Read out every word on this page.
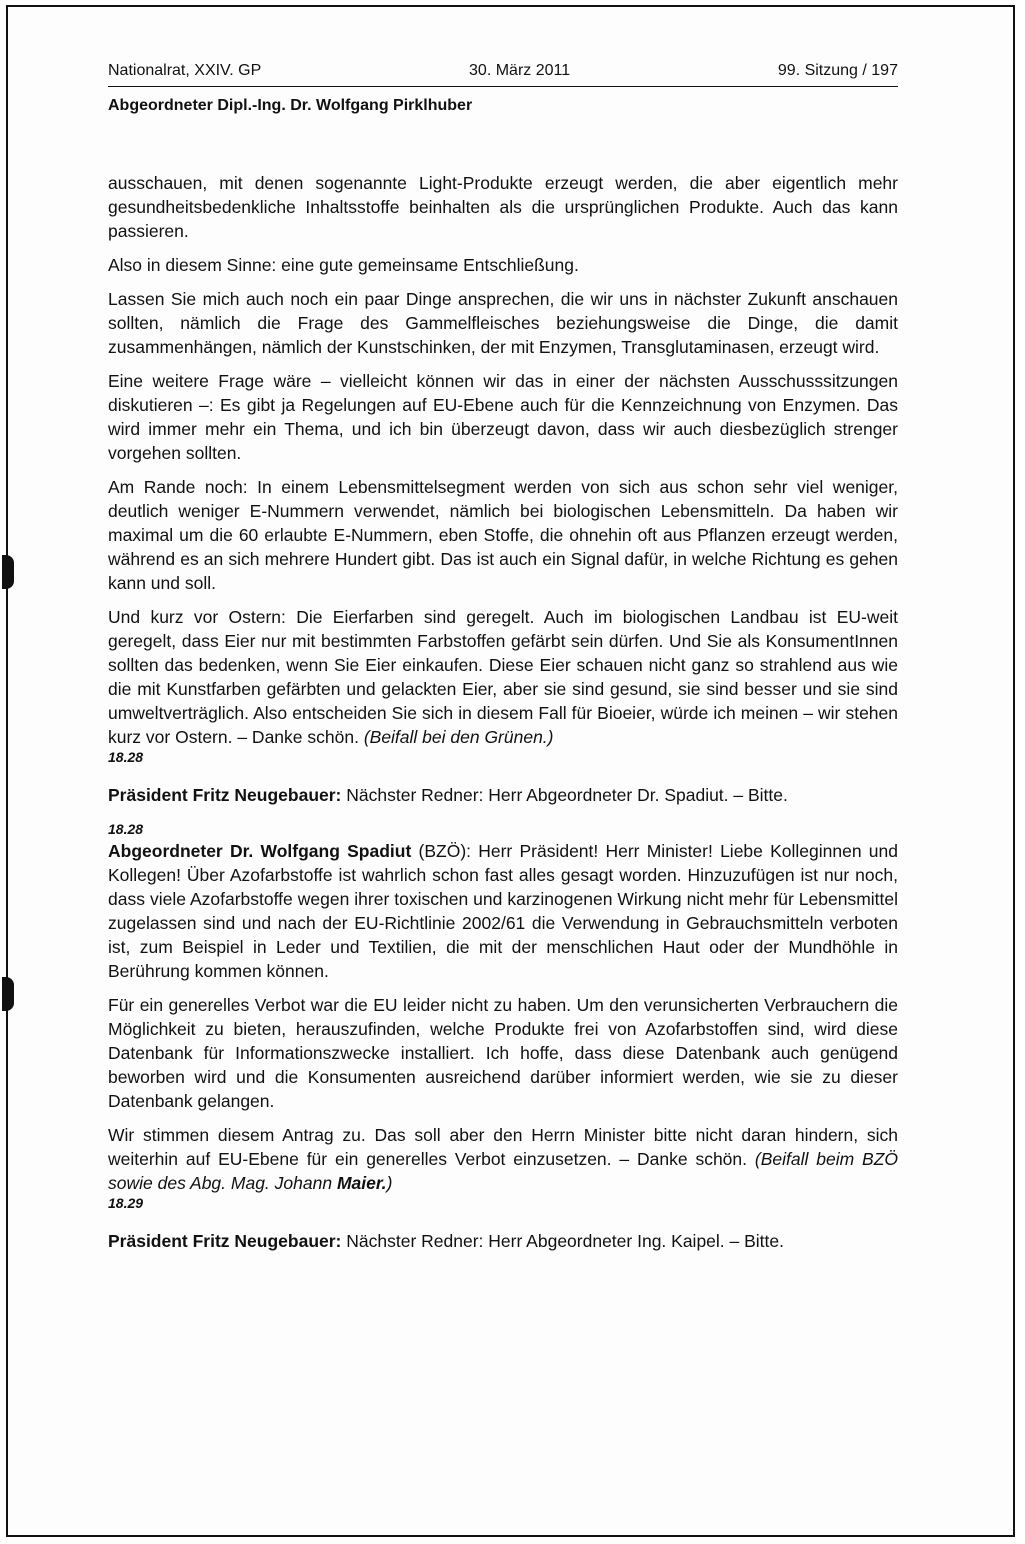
Nationalrat, XXIV. GP	30. März 2011	99. Sitzung / 197
Abgeordneter Dipl.-Ing. Dr. Wolfgang Pirklhuber

ausschauen, mit denen sogenannte Light-Produkte erzeugt werden, die aber eigentlich mehr gesundheitsbedenkliche Inhaltsstoffe beinhalten als die ursprünglichen Produkte. Auch das kann passieren.

Also in diesem Sinne: eine gute gemeinsame Entschließung.

Lassen Sie mich auch noch ein paar Dinge ansprechen, die wir uns in nächster Zukunft anschauen sollten, nämlich die Frage des Gammelfleisches beziehungsweise die Dinge, die damit zusammenhängen, nämlich der Kunstschinken, der mit Enzymen, Transglutaminasen, erzeugt wird.

Eine weitere Frage wäre – vielleicht können wir das in einer der nächsten Ausschusssitzungen diskutieren –: Es gibt ja Regelungen auf EU-Ebene auch für die Kennzeichnung von Enzymen. Das wird immer mehr ein Thema, und ich bin überzeugt davon, dass wir auch diesbezüglich strenger vorgehen sollten.

Am Rande noch: In einem Lebensmittelsegment werden von sich aus schon sehr viel weniger, deutlich weniger E-Nummern verwendet, nämlich bei biologischen Lebensmitteln. Da haben wir maximal um die 60 erlaubte E-Nummern, eben Stoffe, die ohnehin oft aus Pflanzen erzeugt werden, während es an sich mehrere Hundert gibt. Das ist auch ein Signal dafür, in welche Richtung es gehen kann und soll.

Und kurz vor Ostern: Die Eierfarben sind geregelt. Auch im biologischen Landbau ist EU-weit geregelt, dass Eier nur mit bestimmten Farbstoffen gefärbt sein dürfen. Und Sie als KonsumentInnen sollten das bedenken, wenn Sie Eier einkaufen. Diese Eier schauen nicht ganz so strahlend aus wie die mit Kunstfarben gefärbten und gelackten Eier, aber sie sind gesund, sie sind besser und sie sind umweltverträglich. Also entscheiden Sie sich in diesem Fall für Bioeier, würde ich meinen – wir stehen kurz vor Ostern. – Danke schön. (Beifall bei den Grünen.)

18.28

Präsident Fritz Neugebauer: Nächster Redner: Herr Abgeordneter Dr. Spadiut. – Bitte.

18.28

Abgeordneter Dr. Wolfgang Spadiut (BZÖ): Herr Präsident! Herr Minister! Liebe Kolleginnen und Kollegen! Über Azofarbstoffe ist wahrlich schon fast alles gesagt worden. Hinzuzufügen ist nur noch, dass viele Azofarbstoffe wegen ihrer toxischen und karzinogenen Wirkung nicht mehr für Lebensmittel zugelassen sind und nach der EU-Richtlinie 2002/61 die Verwendung in Gebrauchsmitteln verboten ist, zum Beispiel in Leder und Textilien, die mit der menschlichen Haut oder der Mundhöhle in Berührung kommen können.

Für ein generelles Verbot war die EU leider nicht zu haben. Um den verunsicherten Verbrauchern die Möglichkeit zu bieten, herauszufinden, welche Produkte frei von Azofarbstoffen sind, wird diese Datenbank für Informationszwecke installiert. Ich hoffe, dass diese Datenbank auch genügend beworben wird und die Konsumenten ausreichend darüber informiert werden, wie sie zu dieser Datenbank gelangen.

Wir stimmen diesem Antrag zu. Das soll aber den Herrn Minister bitte nicht daran hindern, sich weiterhin auf EU-Ebene für ein generelles Verbot einzusetzen. – Danke schön. (Beifall beim BZÖ sowie des Abg. Mag. Johann Maier.)

18.29

Präsident Fritz Neugebauer: Nächster Redner: Herr Abgeordneter Ing. Kaipel. – Bitte.
